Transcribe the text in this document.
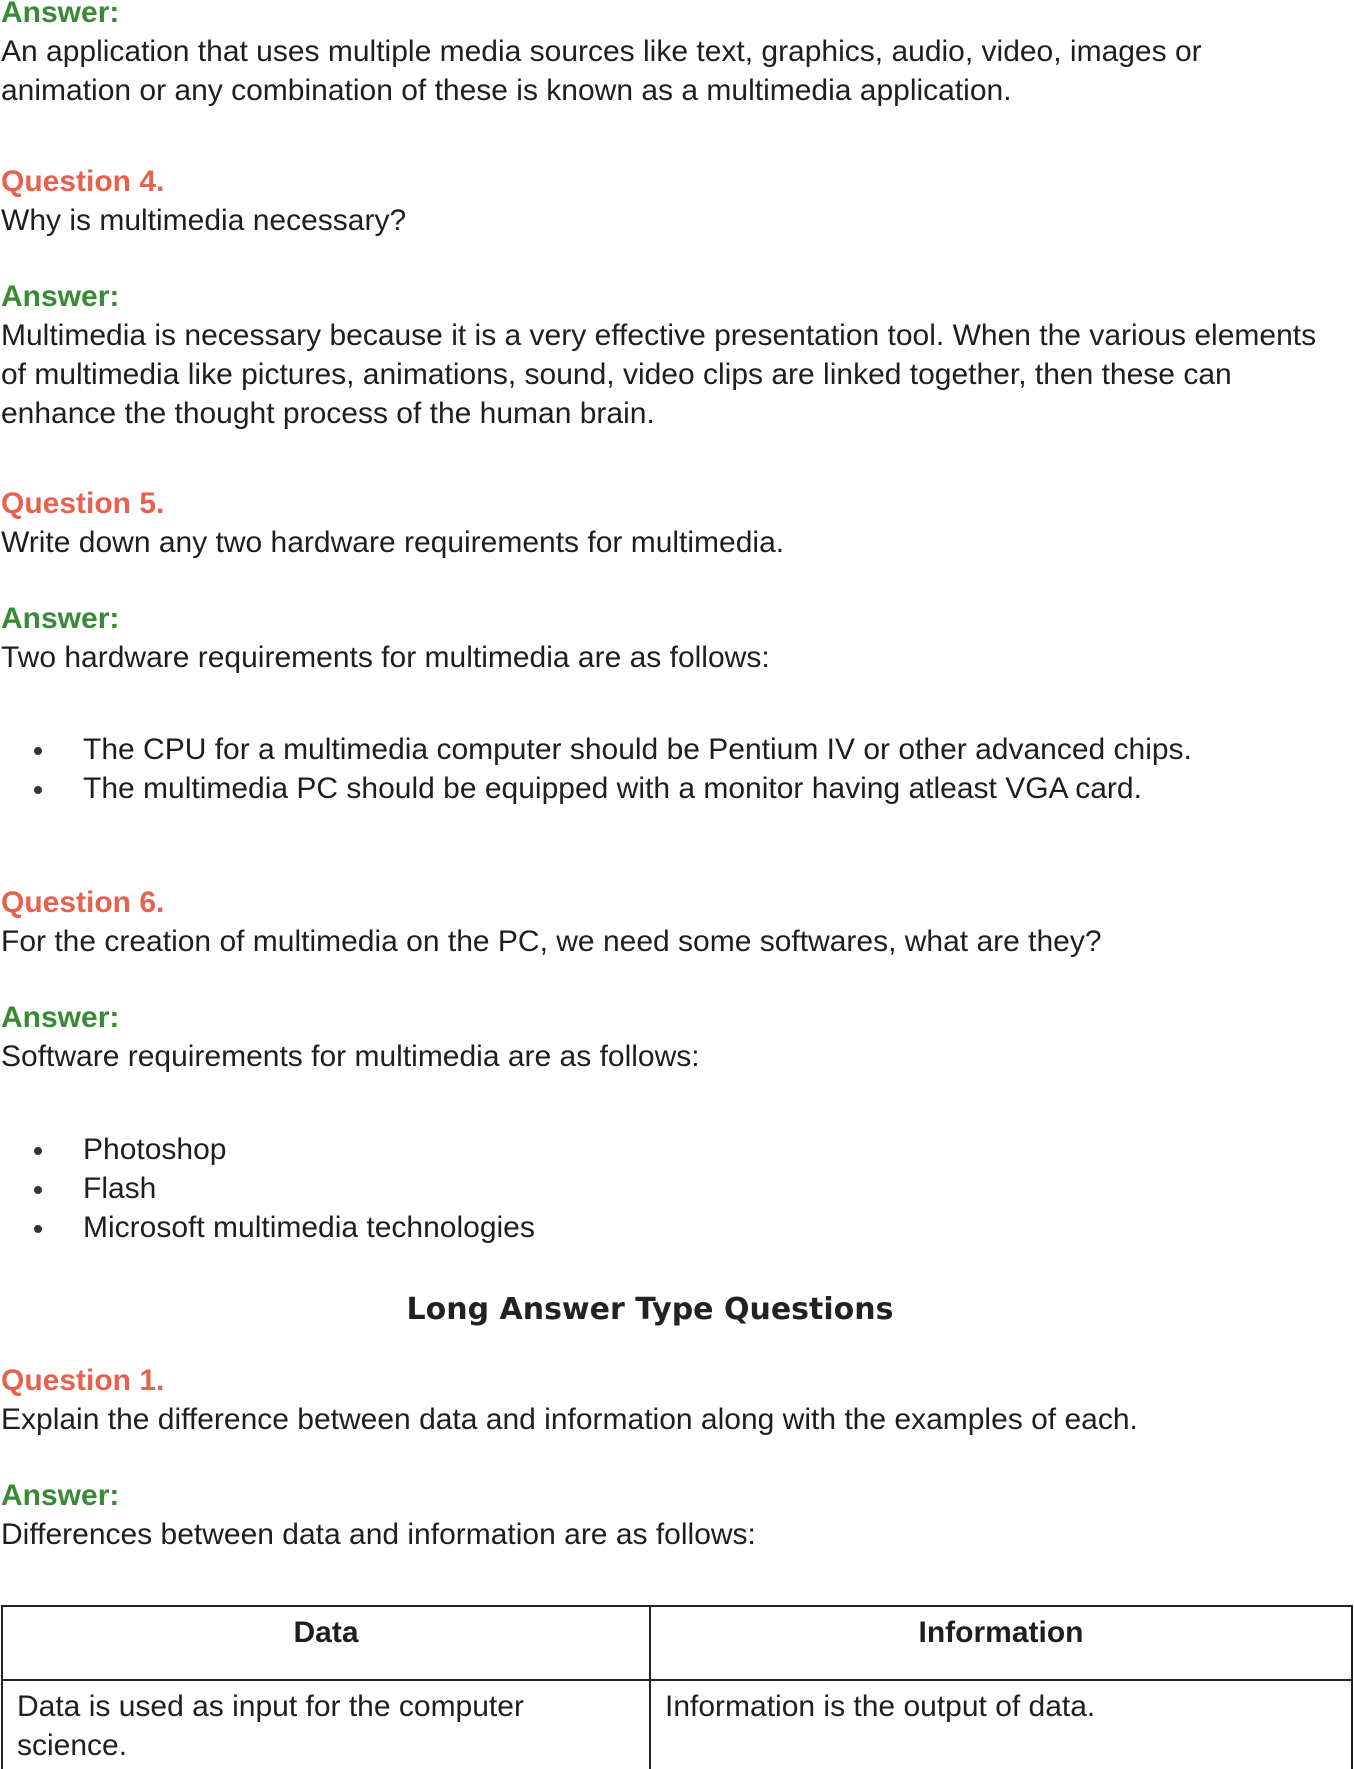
Answer:
An application that uses multiple media sources like text, graphics, audio, video, images or animation or any combination of these is known as a multimedia application.
Question 4.
Why is multimedia necessary?
Answer:
Multimedia is necessary because it is a very effective presentation tool. When the various elements of multimedia like pictures, animations, sound, video clips are linked together, then these can enhance the thought process of the human brain.
Question 5.
Write down any two hardware requirements for multimedia.
Answer:
Two hardware requirements for multimedia are as follows:
The CPU for a multimedia computer should be Pentium IV or other advanced chips.
The multimedia PC should be equipped with a monitor having atleast VGA card.
Question 6.
For the creation of multimedia on the PC, we need some softwares, what are they?
Answer:
Software requirements for multimedia are as follows:
Photoshop
Flash
Microsoft multimedia technologies
Long Answer Type Questions
Question 1.
Explain the difference between data and information along with the examples of each.
Answer:
Differences between data and information are as follows:
Data	Information
Data is used as input for the computer science.	Information is the output of data.
